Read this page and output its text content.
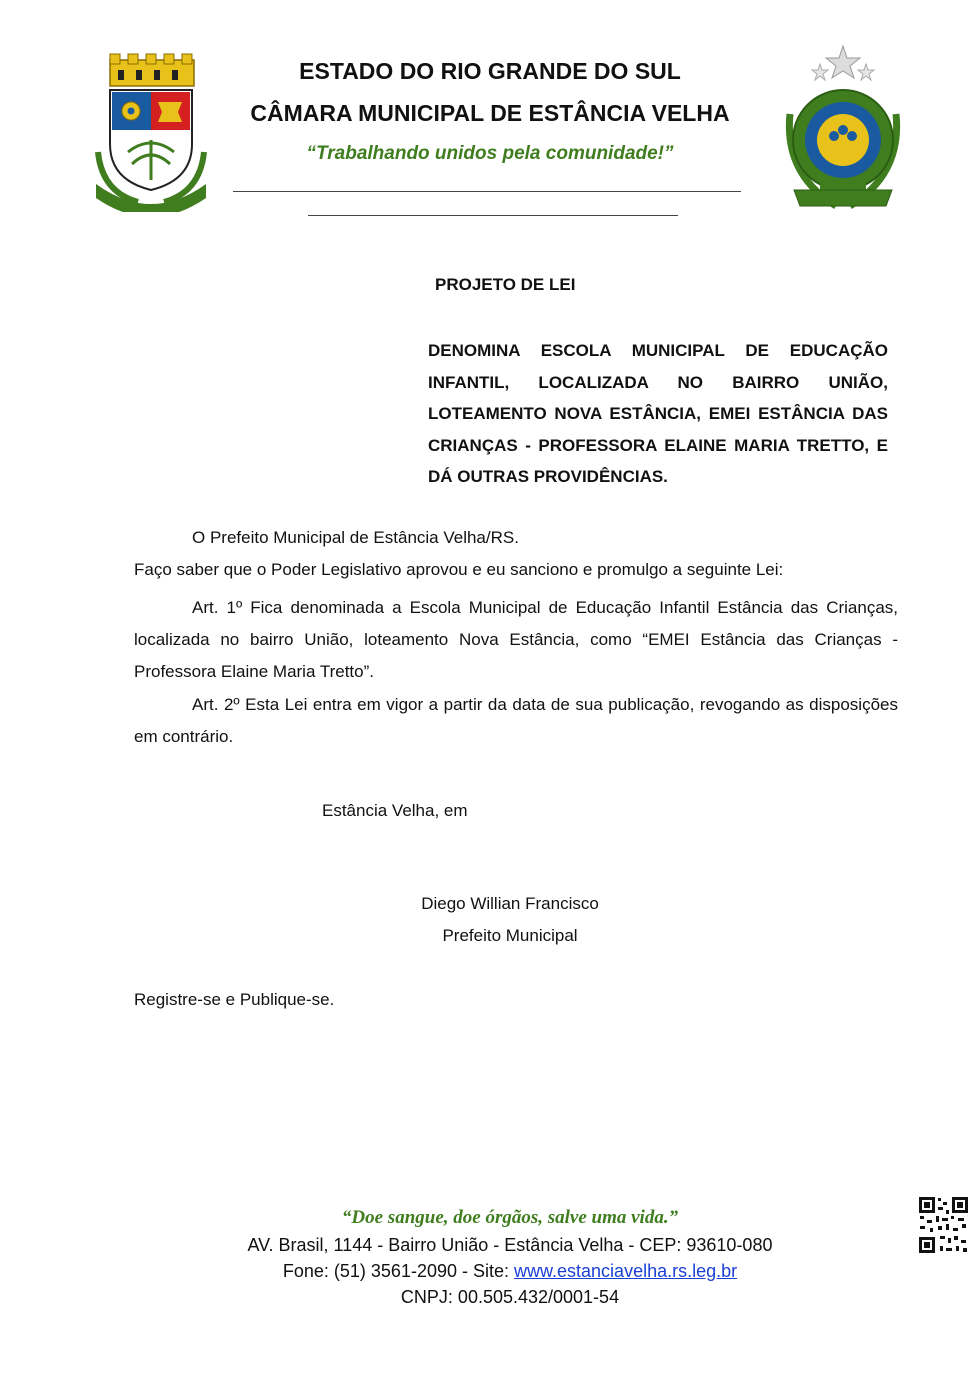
ESTADO DO RIO GRANDE DO SUL
CÂMARA MUNICIPAL DE ESTÂNCIA VELHA
“Trabalhando unidos pela comunidade!”
PROJETO DE LEI
DENOMINA ESCOLA MUNICIPAL DE EDUCAÇÃO INFANTIL, LOCALIZADA NO BAIRRO UNIÃO, LOTEAMENTO NOVA ESTÂNCIA, EMEI ESTÂNCIA DAS CRIANÇAS - PROFESSORA ELAINE MARIA TRETTO, E DÁ OUTRAS PROVIDÊNCIAS.
O Prefeito Municipal de Estância Velha/RS.
Faço saber que o Poder Legislativo aprovou e eu sanciono e promulgo a seguinte Lei:
Art. 1º Fica denominada a Escola Municipal de Educação Infantil Estância das Crianças, localizada no bairro União, loteamento Nova Estância, como “EMEI Estância das Crianças - Professora Elaine Maria Tretto”.
Art. 2º Esta Lei entra em vigor a partir da data de sua publicação, revogando as disposições em contrário.
Estância Velha, em
Diego Willian Francisco
Prefeito Municipal
Registre-se e Publique-se.
“Doe sangue, doe órgãos, salve uma vida.”
AV. Brasil, 1144 - Bairro União - Estância Velha - CEP: 93610-080
Fone: (51) 3561-2090 - Site: www.estanciavelha.rs.leg.br
CNPJ: 00.505.432/0001-54
